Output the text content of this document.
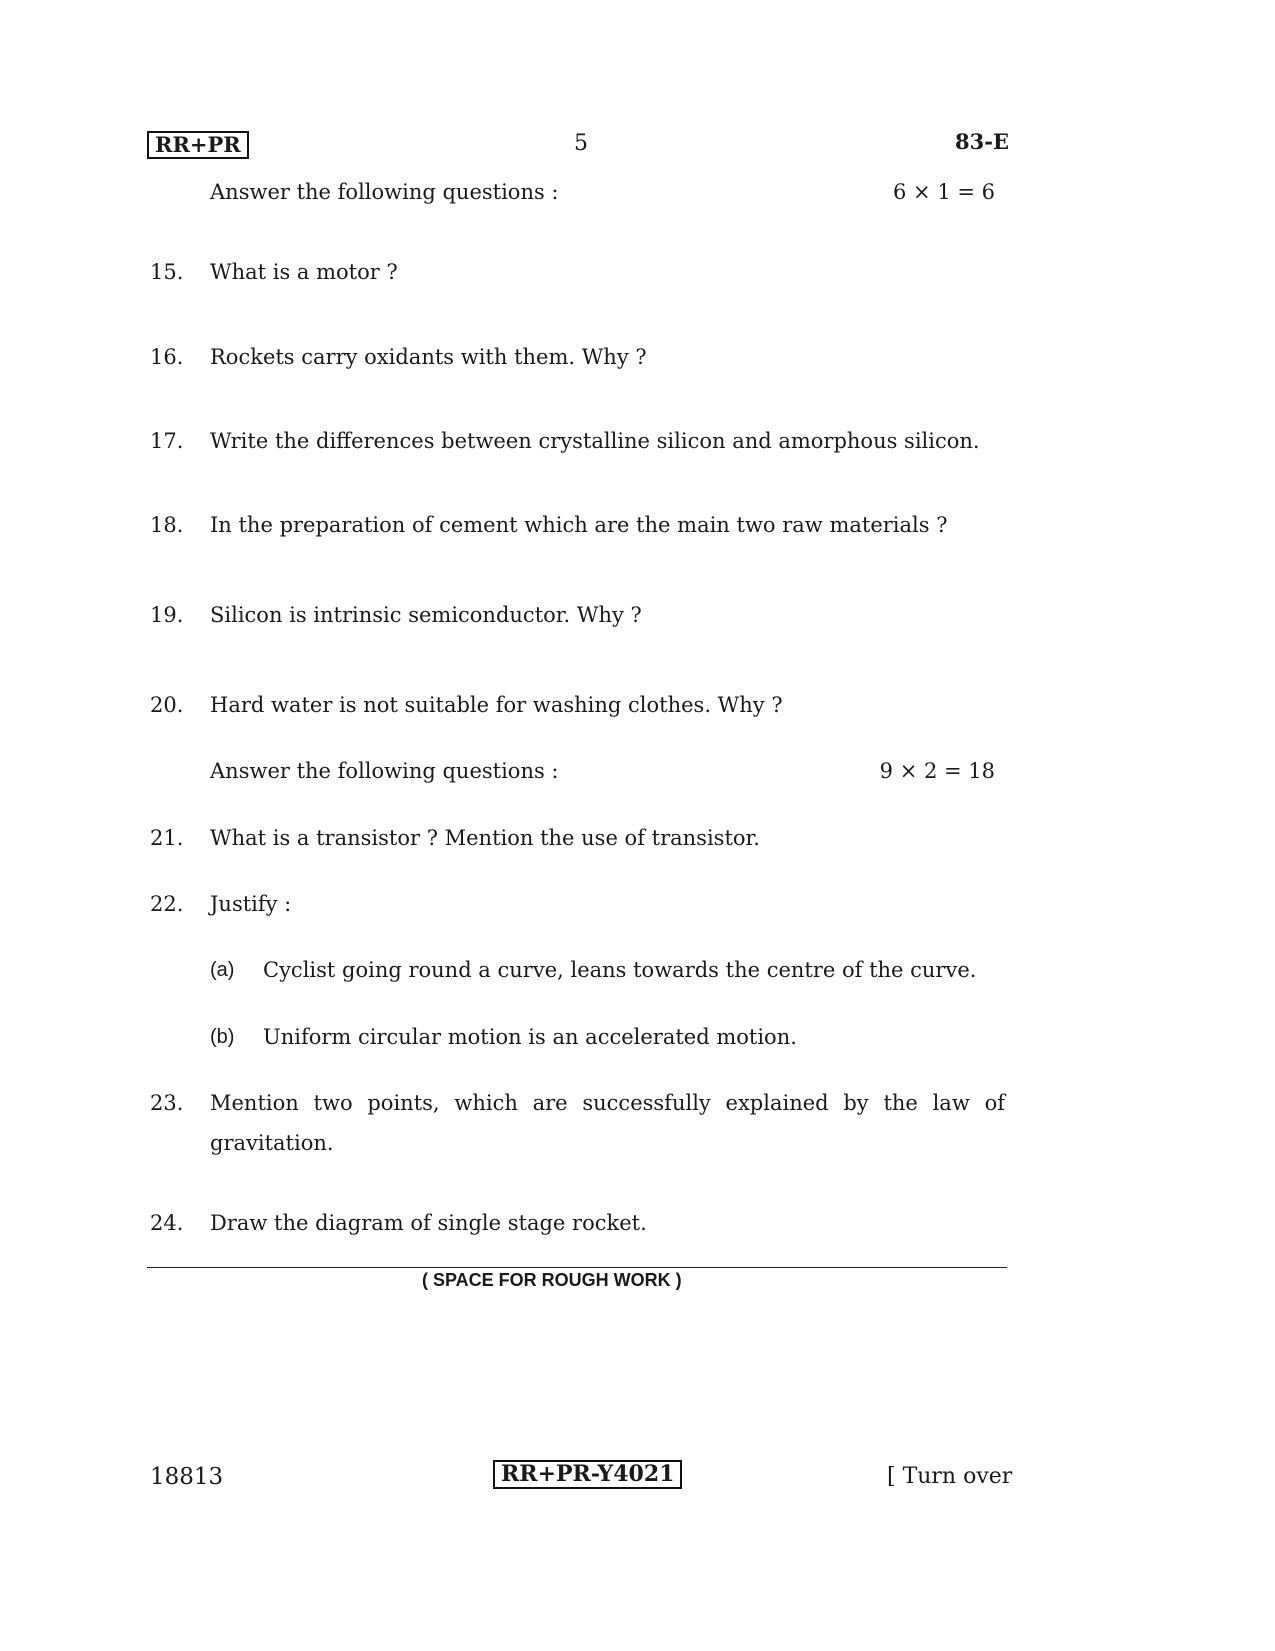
RR+PR	5	83-E
Answer the following questions :	6 × 1 = 6
15. What is a motor ?
16. Rockets carry oxidants with them. Why ?
17. Write the differences between crystalline silicon and amorphous silicon.
18. In the preparation of cement which are the main two raw materials ?
19. Silicon is intrinsic semiconductor. Why ?
20. Hard water is not suitable for washing clothes. Why ?
Answer the following questions :	9 × 2 = 18
21. What is a transistor ? Mention the use of transistor.
22. Justify :
(a) Cyclist going round a curve, leans towards the centre of the curve.
(b) Uniform circular motion is an accelerated motion.
23. Mention two points, which are successfully explained by the law of
gravitation.
24. Draw the diagram of single stage rocket.
( SPACE FOR ROUGH WORK )
18813	RR+PR-Y4021	[ Turn over
